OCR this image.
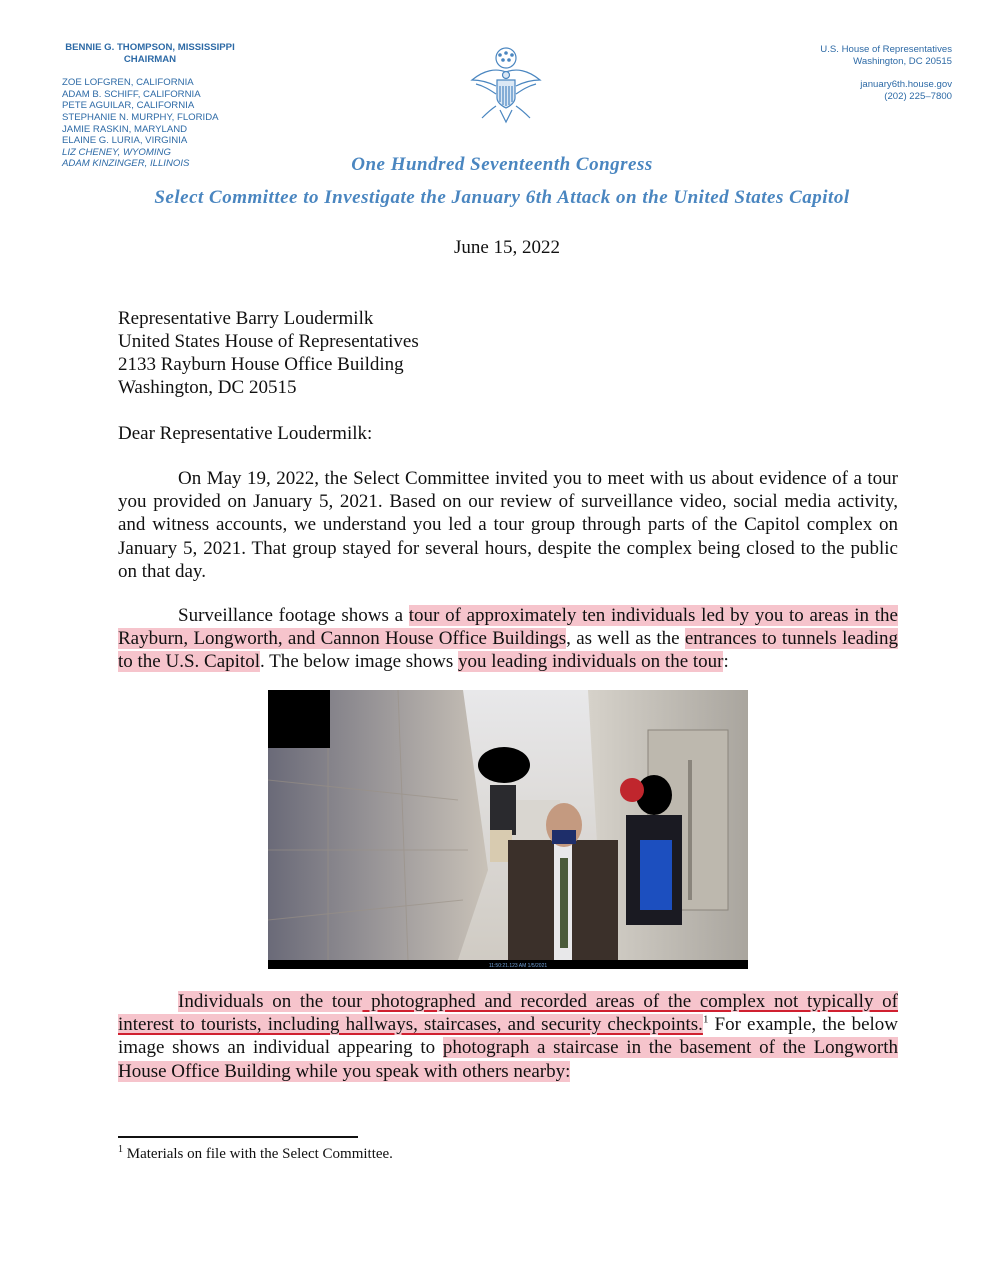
BENNIE G. THOMPSON, MISSISSIPPI
CHAIRMAN
ZOE LOFGREN, CALIFORNIA
ADAM B. SCHIFF, CALIFORNIA
PETE AGUILAR, CALIFORNIA
STEPHANIE N. MURPHY, FLORIDA
JAMIE RASKIN, MARYLAND
ELAINE G. LURIA, VIRGINIA
LIZ CHENEY, WYOMING
ADAM KINZINGER, ILLINOIS
U.S. House of Representatives
Washington, DC 20515
january6th.house.gov
(202) 225–7800
One Hundred Seventeenth Congress
Select Committee to Investigate the January 6th Attack on the United States Capitol
June 15, 2022
Representative Barry Loudermilk
United States House of Representatives
2133 Rayburn House Office Building
Washington, DC 20515
Dear Representative Loudermilk:
On May 19, 2022, the Select Committee invited you to meet with us about evidence of a tour you provided on January 5, 2021. Based on our review of surveillance video, social media activity, and witness accounts, we understand you led a tour group through parts of the Capitol complex on January 5, 2021. That group stayed for several hours, despite the complex being closed to the public on that day.
Surveillance footage shows a tour of approximately ten individuals led by you to areas in the Rayburn, Longworth, and Cannon House Office Buildings, as well as the entrances to tunnels leading to the U.S. Capitol. The below image shows you leading individuals on the tour:
11:50:21.123 AM 1/5/2021
Individuals on the tour photographed and recorded areas of the complex not typically of interest to tourists, including hallways, staircases, and security checkpoints.$^1$ For example, the below image shows an individual appearing to photograph a staircase in the basement of the Longworth House Office Building while you speak with others nearby:
$^1$ Materials on file with the Select Committee.
